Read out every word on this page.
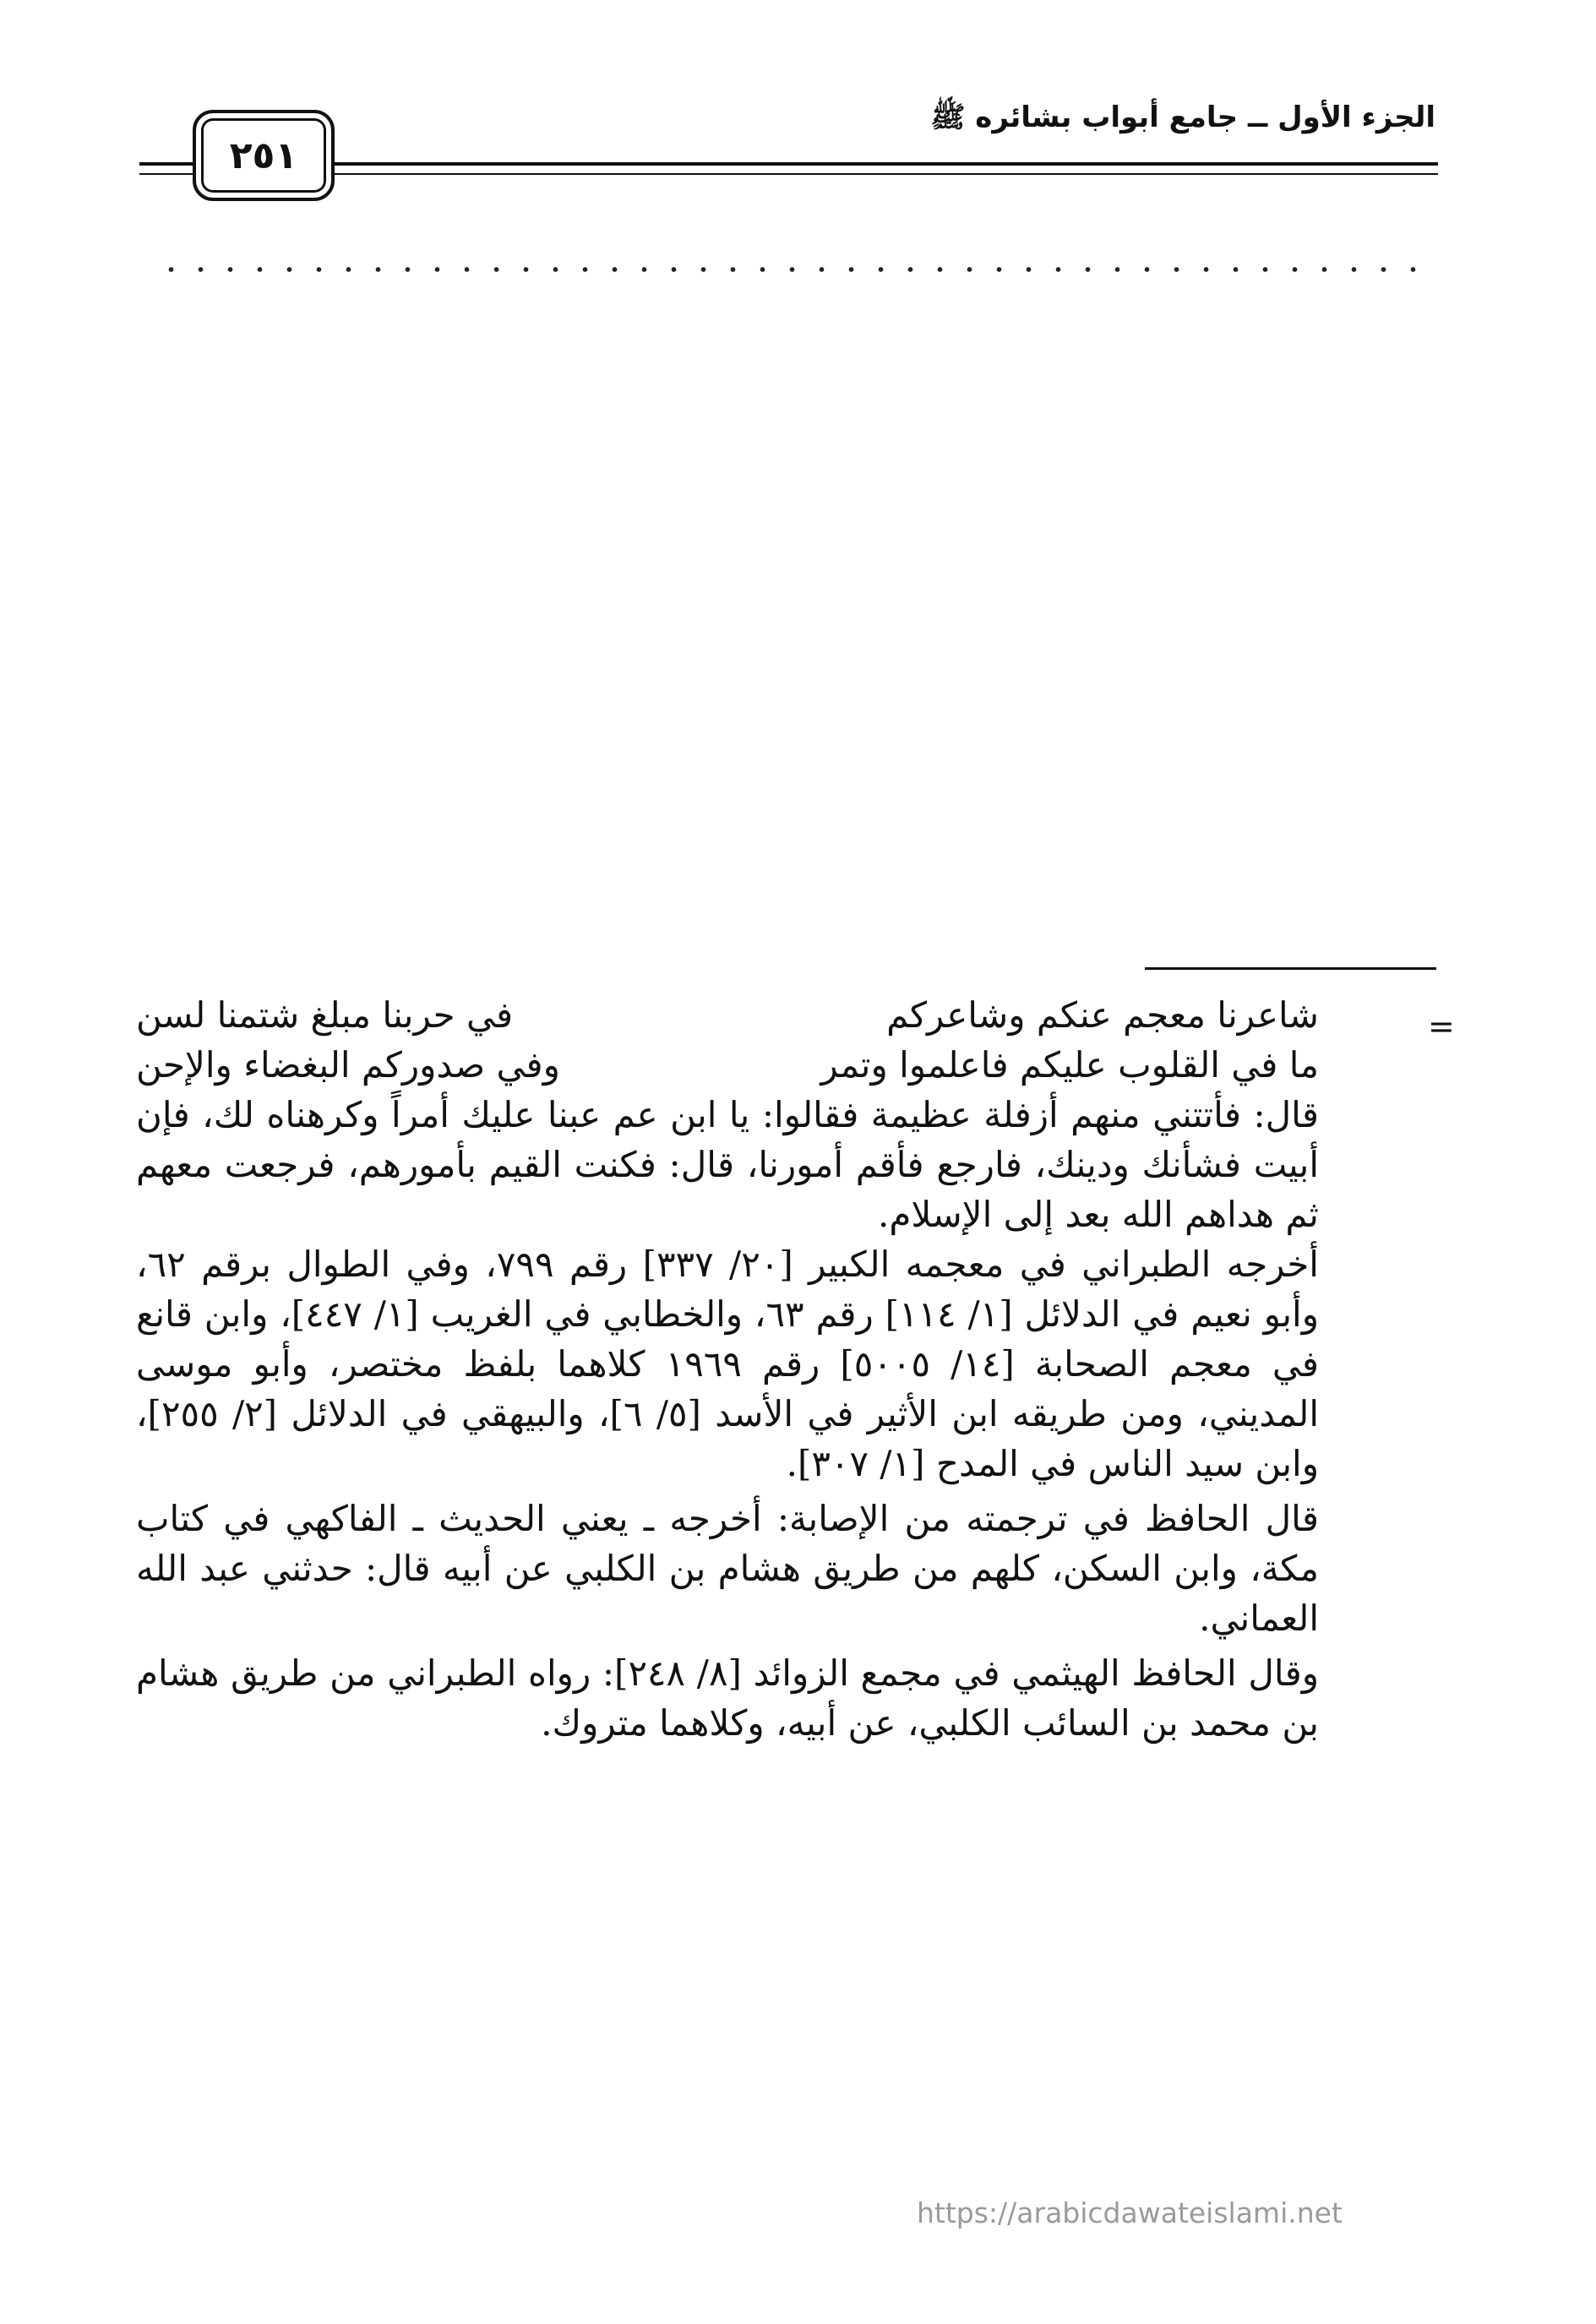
الجزء الأول ــ جامع أبواب بشائره ﷺ
٢٥١
=
شاعرنا معجم عنكم وشاعركم
في حربنا مبلغ شتمنا لسن
ما في القلوب عليكم فاعلموا وتمر
وفي صدوركم البغضاء والإحن

قال: فأتتني منهم أزفلة عظيمة فقالوا: يا ابن عم عبنا عليك أمراً وكرهناه لك، فإن أبيت فشأنك ودينك، فارجع فأقم أمورنا، قال: فكنت القيم بأمورهم، فرجعت معهم ثم هداهم الله بعد إلى الإسلام.

أخرجه الطبراني في معجمه الكبير [٢٠/ ٣٣٧] رقم ٧٩٩، وفي الطوال برقم ٦٢، وأبو نعيم في الدلائل [١/ ١١٤] رقم ٦٣، والخطابي في الغريب [١/ ٤٤٧]، وابن قانع في معجم الصحابة [١٤/ ٥٠٠٥] رقم ١٩٦٩ كلاهما بلفظ مختصر، وأبو موسى المديني، ومن طريقه ابن الأثير في الأسد [٥/ ٦]، والبيهقي في الدلائل [٢/ ٢٥٥]، وابن سيد الناس في المدح [١/ ٣٠٧].

قال الحافظ في ترجمته من الإصابة: أخرجه ـ يعني الحديث ـ الفاكهي في كتاب مكة، وابن السكن، كلهم من طريق هشام بن الكلبي عن أبيه قال: حدثني عبد الله العماني.

وقال الحافظ الهيثمي في مجمع الزوائد [٨/ ٢٤٨]: رواه الطبراني من طريق هشام بن محمد بن السائب الكلبي، عن أبيه، وكلاهما متروك.

https://arabicdawateislami.net
